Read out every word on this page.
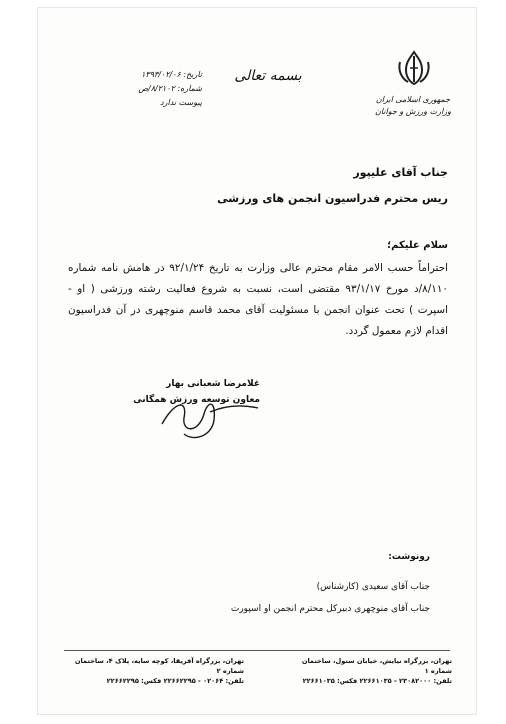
جمهوری اسلامی ایران
وزارت ورزش و جوانان
بسمه تعالی
تاریخ: ۱۳۹۳/۰۲/۰۶
شماره: ۸/۲۱۰۲/ص
پیوست ندارد
جناب آقای علیپور
ریس محترم فدراسیون انجمن های ورزشی
سلام علیکم؛
احتراماً حسب الامر مقام محترم عالی وزارت به تاریخ ۹۲/۱/۲۴ در هامش نامه شماره ۸/۱۱۰/د مورخ ۹۳/۱/۱۷ مقتضی است، نسبت به شروع فعالیت رشته ورزشی ( او - اسپرت ) تحت عنوان انجمن با مسئولیت آقای محمد قاسم منوچهری در آن فدراسیون اقدام لازم معمول گردد.
غلامرضا شعبانی بهار
معاون توسعه ورزش همگانی
رونوشت:
جناب آقای سعیدی (کارشناس)
جناب آقای منوچهری دبیرکل محترم انجمن او اسپورت
تهران، بزرگراه نیایش، خیابان ستول، ساختمان شماره ۱
تلفن: ۲۳۰۸۲۰۰۰ - ۲۲۶۶۱۰۳۵ فکس: ۲۲۶۶۱۰۳۵
تهران، بزرگراه آفریقا، کوچه سایه، پلاک ۴، ساختمان شماره ۲
تلفن: ۰۲۰۶۴ - ۲۲۶۶۲۲۹۵ فکس: ۲۲۶۶۲۲۹۵
